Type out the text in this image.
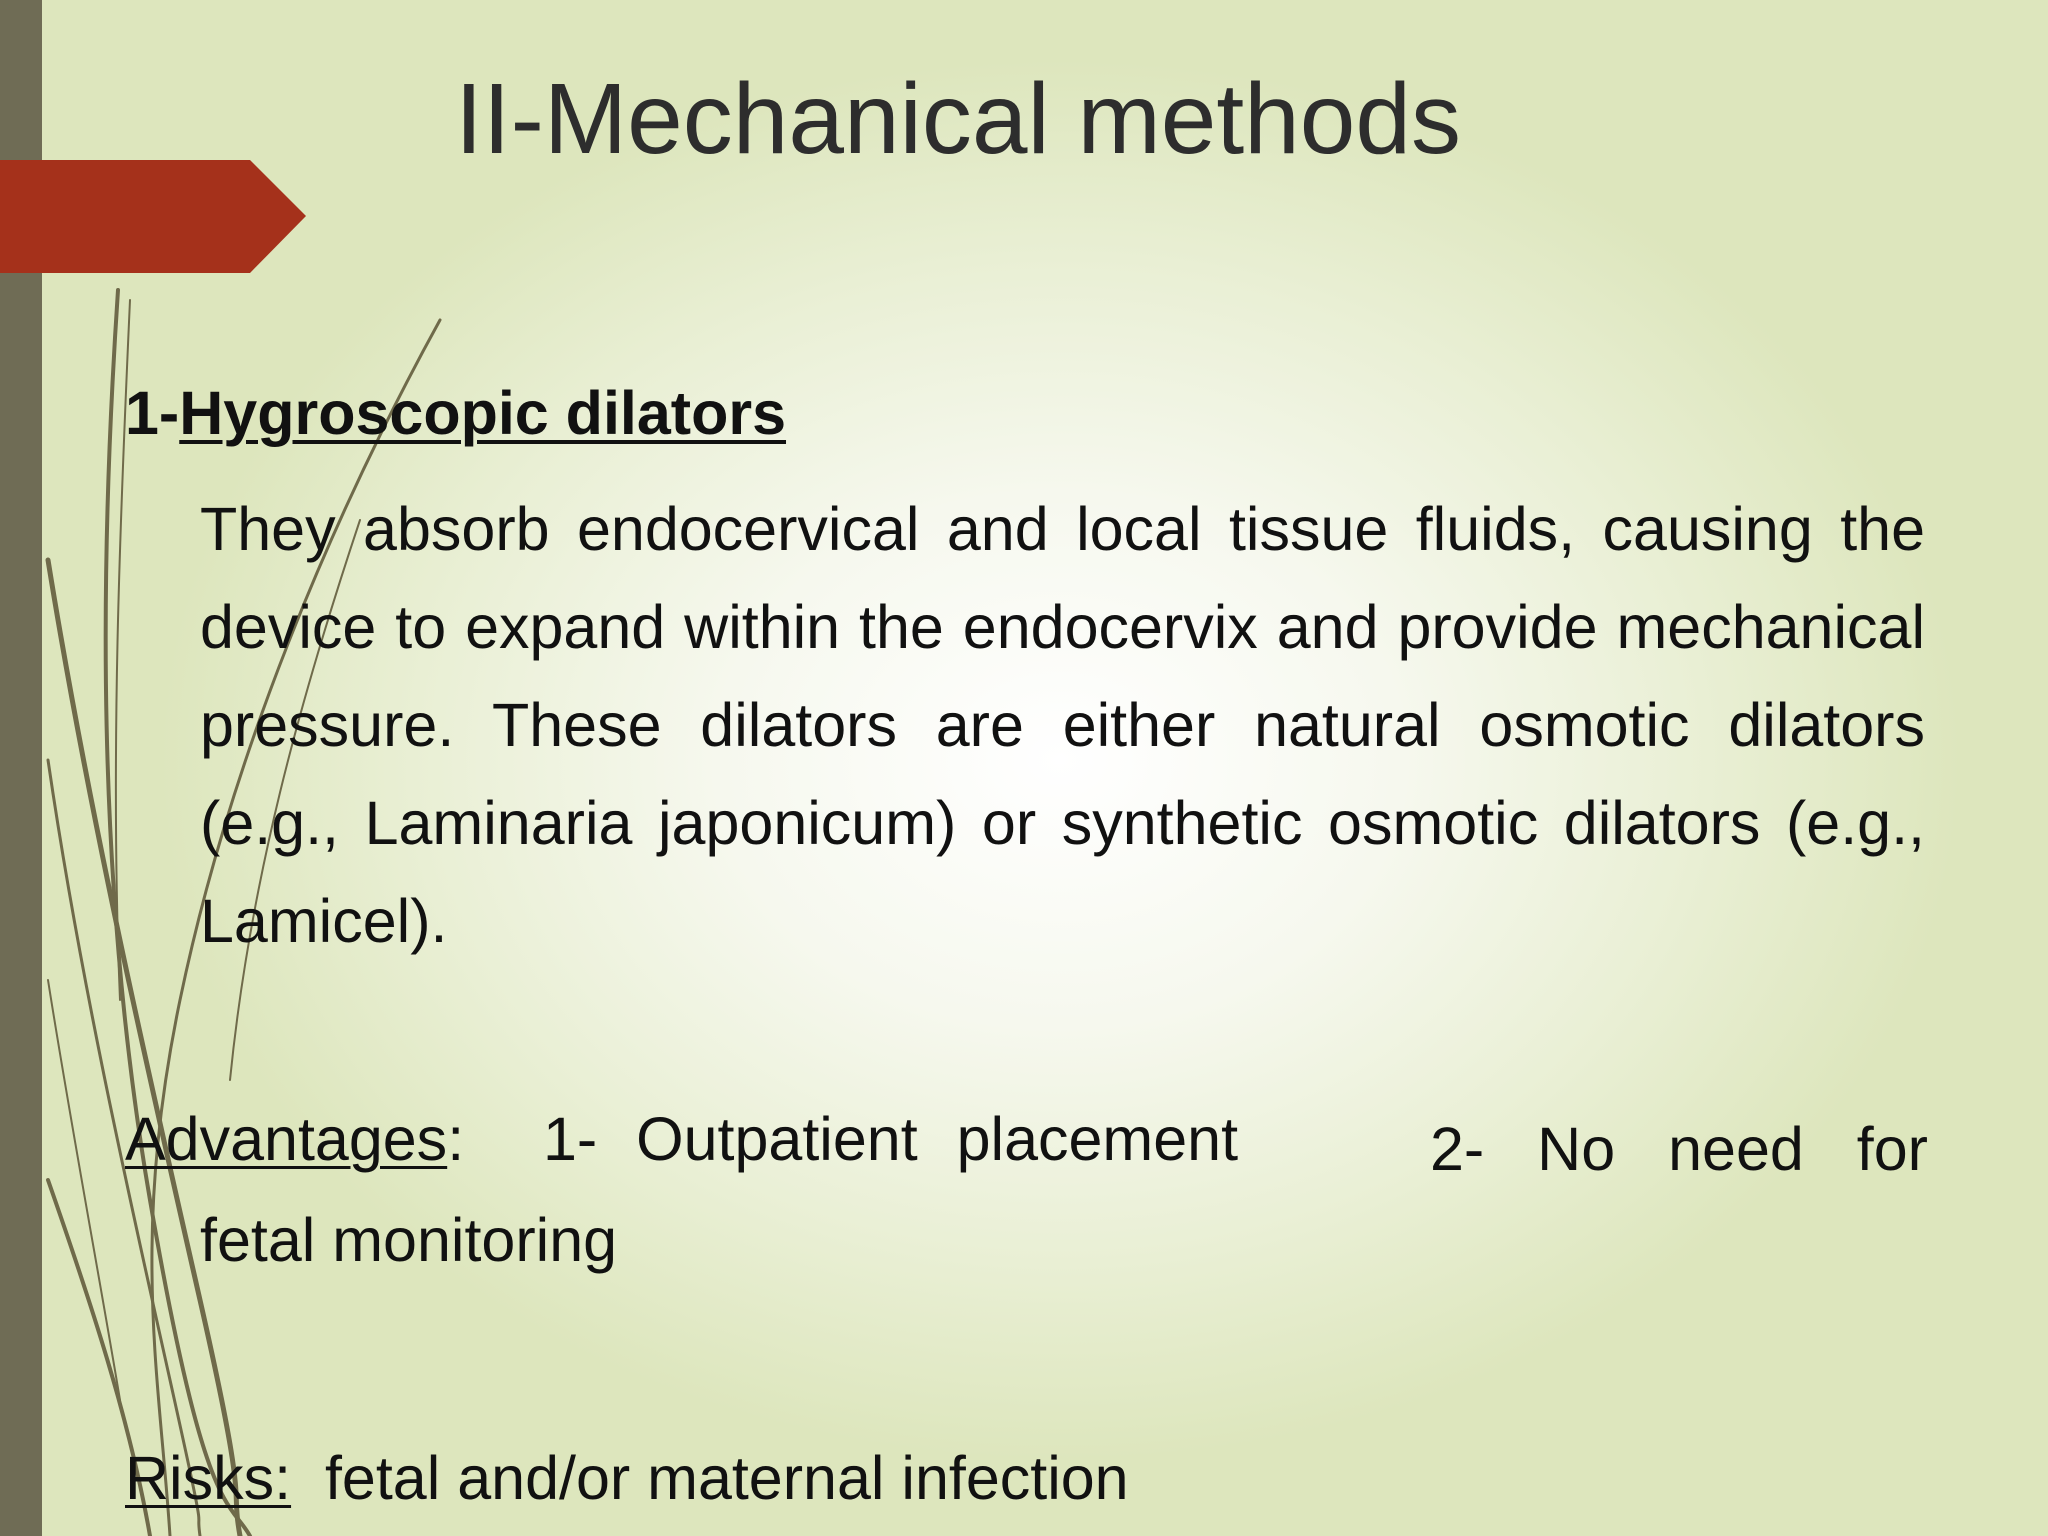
II-Mechanical methods
1-Hygroscopic dilators

They absorb endocervical and local tissue fluids, causing the device to expand within the endocervix and provide mechanical pressure. These dilators are either natural osmotic dilators (e.g., Laminaria japonicum) or synthetic osmotic dilators (e.g., Lamicel).

Advantages: 1- Outpatient placement	2- No need for
fetal monitoring
Risks: fetal and/or maternal infection
